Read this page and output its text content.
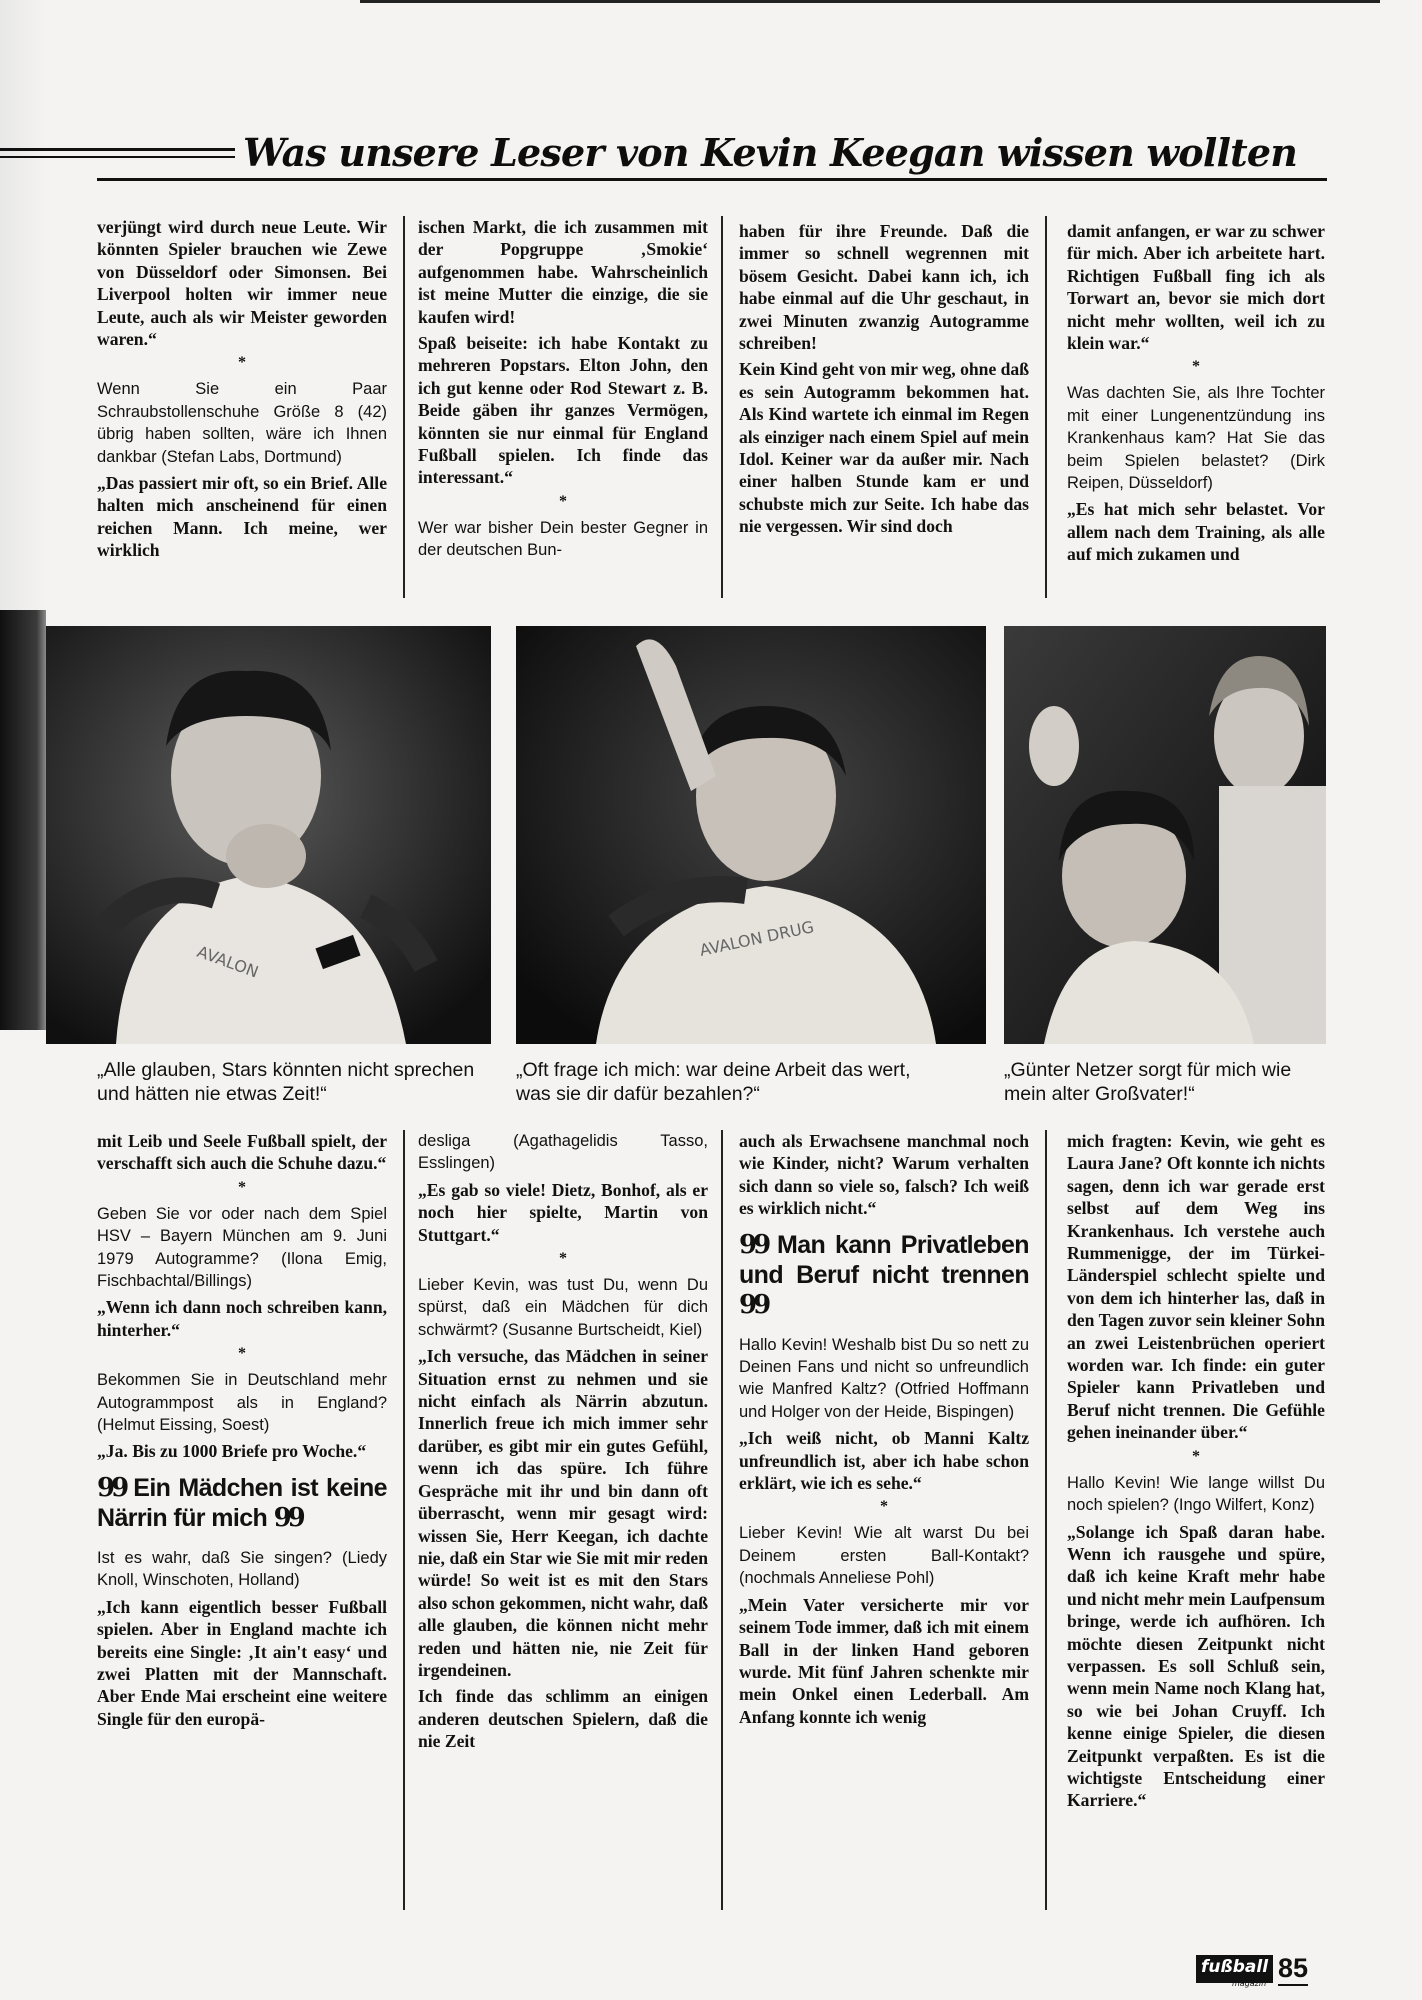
Was unsere Leser von Kevin Keegan wissen wollten

verjüngt wird durch neue Leute. Wir könnten Spieler brauchen wie Zewe von Düsseldorf oder Simonsen. Bei Liverpool holten wir immer neue Leute, auch als wir Meister geworden waren.“

*

Wenn Sie ein Paar Schraubstollenschuhe Größe 8 (42) übrig haben sollten, wäre ich Ihnen dankbar (Stefan Labs, Dortmund)

„Das passiert mir oft, so ein Brief. Alle halten mich anscheinend für einen reichen Mann. Ich meine, wer wirklich

ischen Markt, die ich zusammen mit der Popgruppe ‚Smokie‘ aufgenommen habe. Wahrscheinlich ist meine Mutter die einzige, die sie kaufen wird!

Spaß beiseite: ich habe Kontakt zu mehreren Popstars. Elton John, den ich gut kenne oder Rod Stewart z. B. Beide gäben ihr ganzes Vermögen, könnten sie nur einmal für England Fußball spielen. Ich finde das interessant.“

*

Wer war bisher Dein bester Gegner in der deutschen Bun-

haben für ihre Freunde. Daß die immer so schnell wegrennen mit bösem Gesicht. Dabei kann ich, ich habe einmal auf die Uhr geschaut, in zwei Minuten zwanzig Autogramme schreiben!

Kein Kind geht von mir weg, ohne daß es sein Autogramm bekommen hat. Als Kind wartete ich einmal im Regen als einziger nach einem Spiel auf mein Idol. Keiner war da außer mir. Nach einer halben Stunde kam er und schubste mich zur Seite. Ich habe das nie vergessen. Wir sind doch

damit anfangen, er war zu schwer für mich. Aber ich arbeitete hart. Richtigen Fußball fing ich als Torwart an, bevor sie mich dort nicht mehr wollten, weil ich zu klein war.“

*

Was dachten Sie, als Ihre Tochter mit einer Lungenentzündung ins Krankenhaus kam? Hat Sie das beim Spielen belastet? (Dirk Reipen, Düsseldorf)

„Es hat mich sehr belastet. Vor allem nach dem Training, als alle auf mich zukamen und

AVALON
AVALON DRUG
„Alle glauben, Stars könnten nicht sprechen und hätten nie etwas Zeit!“
„Oft frage ich mich: war deine Arbeit das wert, was sie dir dafür bezahlen?“
„Günter Netzer sorgt für mich wie mein alter Großvater!“

mit Leib und Seele Fußball spielt, der verschafft sich auch die Schuhe dazu.“

*

Geben Sie vor oder nach dem Spiel HSV – Bayern München am 9. Juni 1979 Autogramme? (Ilona Emig, Fischbachtal/Billings)

„Wenn ich dann noch schreiben kann, hinterher.“

*

Bekommen Sie in Deutschland mehr Autogrammpost als in England? (Helmut Eissing, Soest)

„Ja. Bis zu 1000 Briefe pro Woche.“

99 Ein Mädchen ist keine Närrin für mich 99

Ist es wahr, daß Sie singen? (Liedy Knoll, Winschoten, Holland)

„Ich kann eigentlich besser Fußball spielen. Aber in England machte ich bereits eine Single: ‚It ain't easy‘ und zwei Platten mit der Mannschaft. Aber Ende Mai erscheint eine weitere Single für den europä-

desliga (Agathagelidis Tasso, Esslingen)

„Es gab so viele! Dietz, Bonhof, als er noch hier spielte, Martin von Stuttgart.“

*

Lieber Kevin, was tust Du, wenn Du spürst, daß ein Mädchen für dich schwärmt? (Susanne Burtscheidt, Kiel)

„Ich versuche, das Mädchen in seiner Situation ernst zu nehmen und sie nicht einfach als Närrin abzutun. Innerlich freue ich mich immer sehr darüber, es gibt mir ein gutes Gefühl, wenn ich das spüre. Ich führe Gespräche mit ihr und bin dann oft überrascht, wenn mir gesagt wird: wissen Sie, Herr Keegan, ich dachte nie, daß ein Star wie Sie mit mir reden würde! So weit ist es mit den Stars also schon gekommen, nicht wahr, daß alle glauben, die können nicht mehr reden und hätten nie, nie Zeit für irgendeinen.

Ich finde das schlimm an einigen anderen deutschen Spielern, daß die nie Zeit

auch als Erwachsene manchmal noch wie Kinder, nicht? Warum verhalten sich dann so viele so, falsch? Ich weiß es wirklich nicht.“

99 Man kann Privatleben und Beruf nicht trennen 99

Hallo Kevin! Weshalb bist Du so nett zu Deinen Fans und nicht so unfreundlich wie Manfred Kaltz? (Otfried Hoffmann und Holger von der Heide, Bispingen)

„Ich weiß nicht, ob Manni Kaltz unfreundlich ist, aber ich habe schon erklärt, wie ich es sehe.“

*

Lieber Kevin! Wie alt warst Du bei Deinem ersten Ball-Kontakt? (nochmals Anneliese Pohl)

„Mein Vater versicherte mir vor seinem Tode immer, daß ich mit einem Ball in der linken Hand geboren wurde. Mit fünf Jahren schenkte mir mein Onkel einen Lederball. Am Anfang konnte ich wenig

mich fragten: Kevin, wie geht es Laura Jane? Oft konnte ich nichts sagen, denn ich war gerade erst selbst auf dem Weg ins Krankenhaus. Ich verstehe auch Rummenigge, der im Türkei-Länderspiel schlecht spielte und von dem ich hinterher las, daß in den Tagen zuvor sein kleiner Sohn an zwei Leistenbrüchen operiert worden war. Ich finde: ein guter Spieler kann Privatleben und Beruf nicht trennen. Die Gefühle gehen ineinander über.“

*

Hallo Kevin! Wie lange willst Du noch spielen? (Ingo Wilfert, Konz)

„Solange ich Spaß daran habe. Wenn ich rausgehe und spüre, daß ich keine Kraft mehr habe und nicht mehr mein Laufpensum bringe, werde ich aufhören. Ich möchte diesen Zeitpunkt nicht verpassen. Es soll Schluß sein, wenn mein Name noch Klang hat, so wie bei Johan Cruyff. Ich kenne einige Spieler, die diesen Zeitpunkt verpaßten. Es ist die wichtigste Entscheidung einer Karriere.“

fußball 85
magazin
